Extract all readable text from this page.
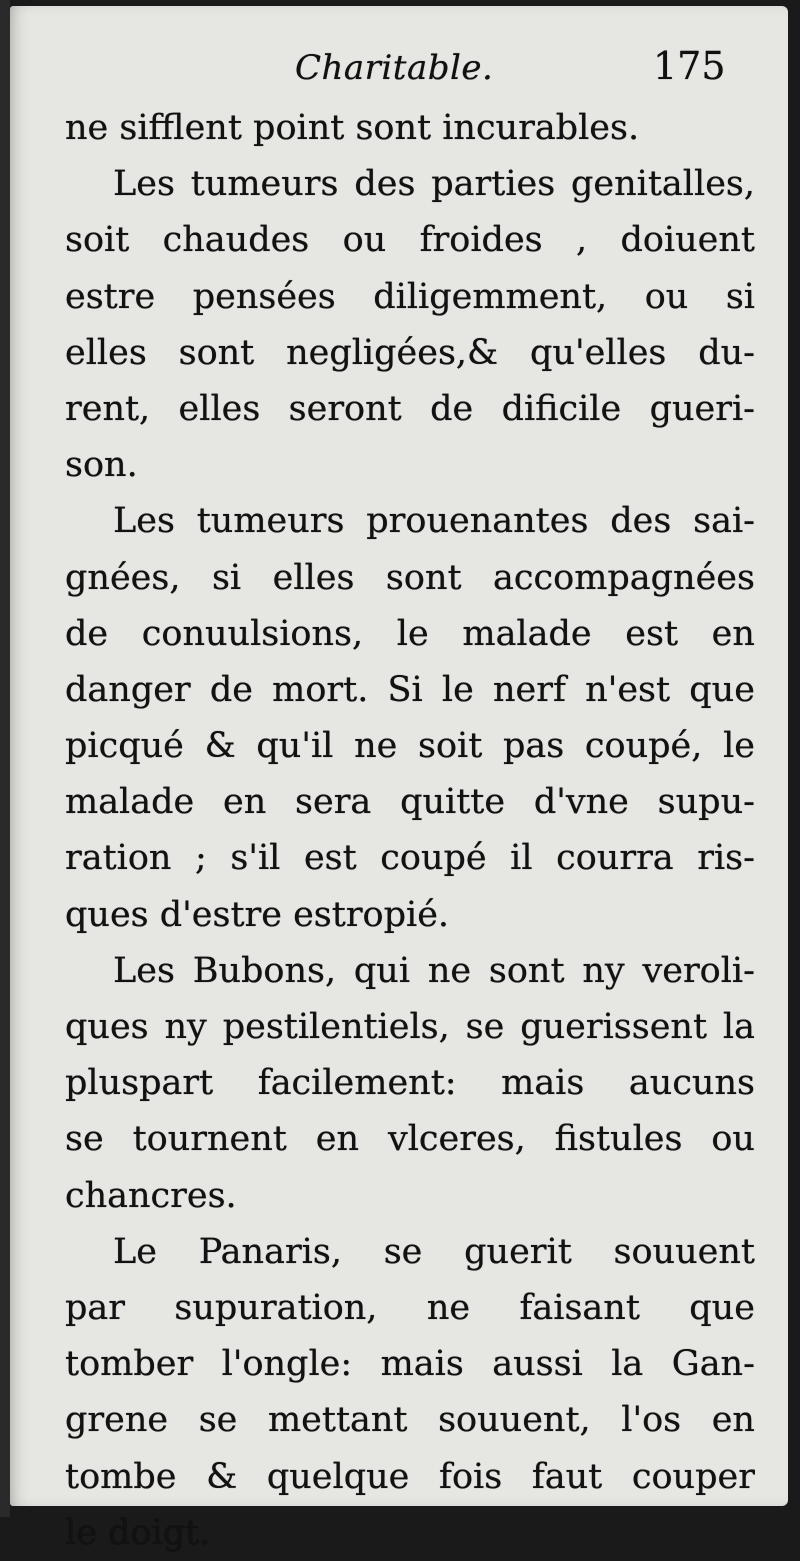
Charitable.	175
ne sifflent point sont incurables.
Les tumeurs des parties genitalles,
soit chaudes ou froides , doiuent
estre pensées diligemment, ou si
elles sont negligées,& qu'elles du-
rent, elles seront de dificile gueri-
son.
Les tumeurs prouenantes des sai-
gnées, si elles sont accompagnées
de conuulsions, le malade est en
danger de mort. Si le nerf n'est que
picqué & qu'il ne soit pas coupé, le
malade en sera quitte d'vne supu-
ration ; s'il est coupé il courra ris-
ques d'estre estropié.
Les Bubons, qui ne sont ny veroli-
ques ny pestilentiels, se guerissent la
pluspart facilement: mais aucuns
se tournent en vlceres, fistules ou
chancres.
Le Panaris, se guerit souuent
par supuration, ne faisant que
tomber l'ongle: mais aussi la Gan-
grene se mettant souuent, l'os en
tombe & quelque fois faut couper
le doigt.
